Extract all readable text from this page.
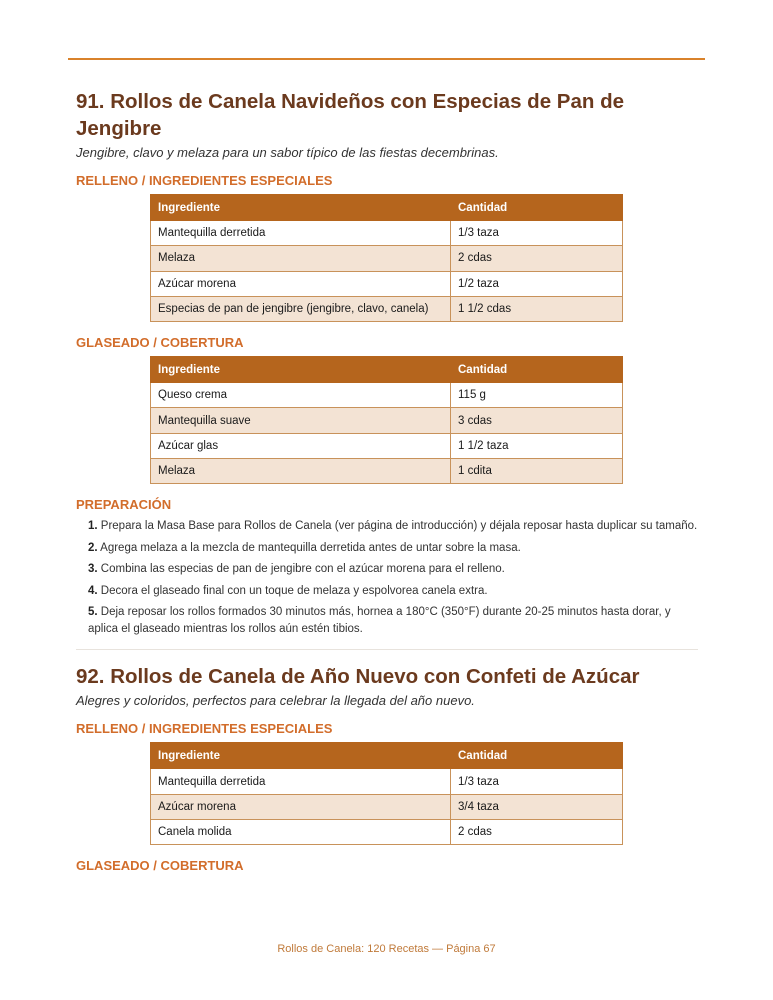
91. Rollos de Canela Navideños con Especias de Pan de Jengibre

Jengibre, clavo y melaza para un sabor típico de las fiestas decembrinas.

RELLENO / INGREDIENTES ESPECIALES
Ingrediente	Cantidad
Mantequilla derretida	1/3 taza
Melaza	2 cdas
Azúcar morena	1/2 taza
Especias de pan de jengibre (jengibre, clavo, canela)	1 1/2 cdas
GLASEADO / COBERTURA
Ingrediente	Cantidad
Queso crema	115 g
Mantequilla suave	3 cdas
Azúcar glas	1 1/2 taza
Melaza	1 cdita
PREPARACIÓN
1. Prepara la Masa Base para Rollos de Canela (ver página de introducción) y déjala reposar hasta duplicar su tamaño.
2. Agrega melaza a la mezcla de mantequilla derretida antes de untar sobre la masa.
3. Combina las especias de pan de jengibre con el azúcar morena para el relleno.
4. Decora el glaseado final con un toque de melaza y espolvorea canela extra.
5. Deja reposar los rollos formados 30 minutos más, hornea a 180°C (350°F) durante 20-25 minutos hasta dorar, y aplica el glaseado mientras los rollos aún estén tibios.
92. Rollos de Canela de Año Nuevo con Confeti de Azúcar

Alegres y coloridos, perfectos para celebrar la llegada del año nuevo.

RELLENO / INGREDIENTES ESPECIALES
Ingrediente	Cantidad
Mantequilla derretida	1/3 taza
Azúcar morena	3/4 taza
Canela molida	2 cdas
GLASEADO / COBERTURA
Rollos de Canela: 120 Recetas — Página 67
